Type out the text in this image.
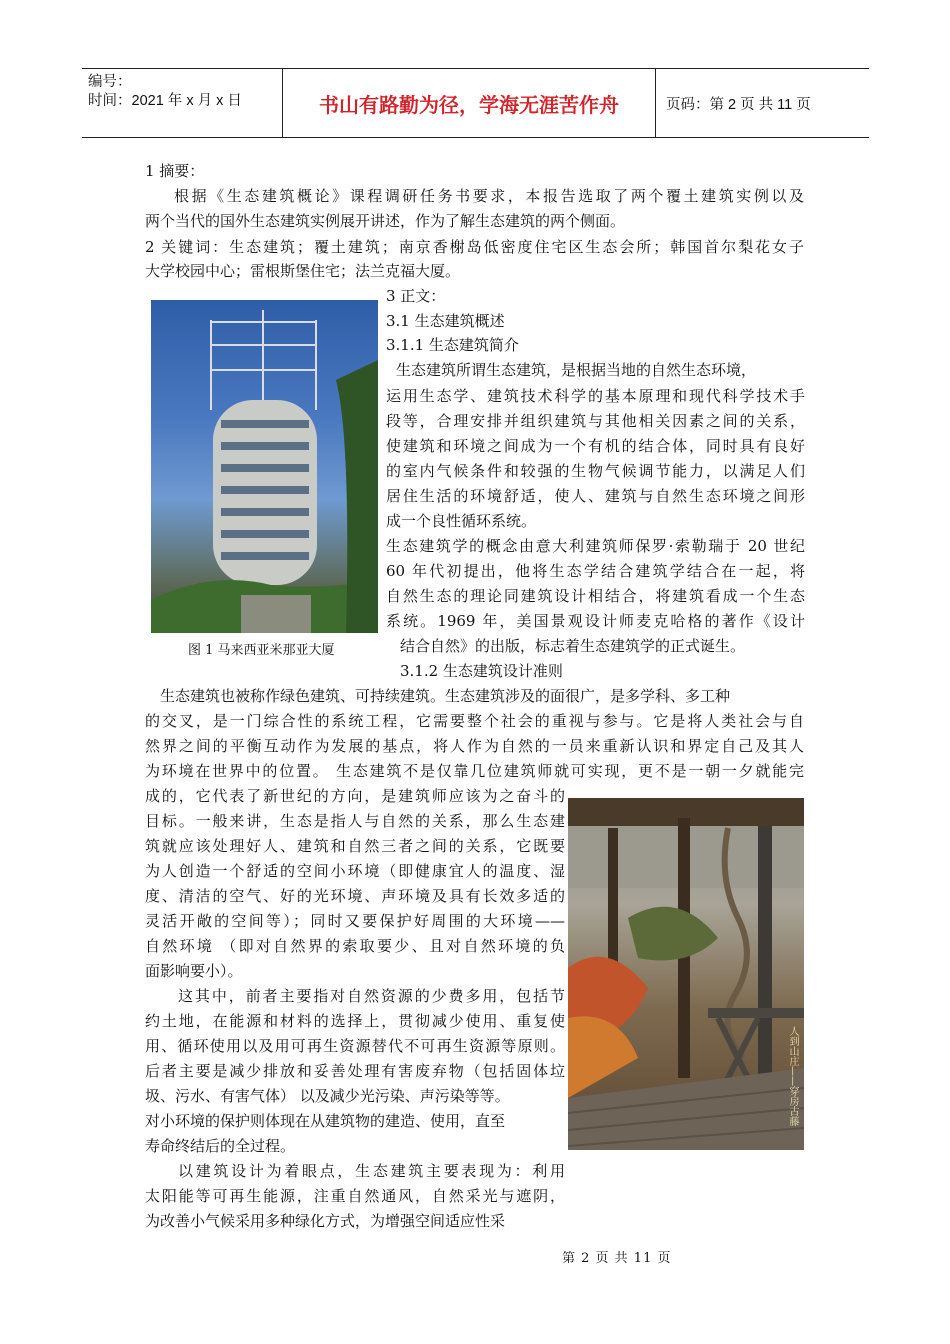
编号：
时间：2021 年 x 月 x 日	书山有路勤为径，学海无涯苦作舟	页码：第 2 页 共 11 页
1 摘要：
根据《生态建筑概论》课程调研任务书要求，本报告选取了两个覆土建筑实例以及
两个当代的国外生态建筑实例展开讲述，作为了解生态建筑的两个侧面。
2 关键词：生态建筑；覆土建筑；南京香榭岛低密度住宅区生态会所；韩国首尔梨花女子
大学校园中心；雷根斯堡住宅；法兰克福大厦。
图 1 马来西亚米那亚大厦
3 正文：
3.1 生态建筑概述
3.1.1 生态建筑简介
生态建筑所谓生态建筑，是根据当地的自然生态环境，
运用生态学、建筑技术科学的基本原理和现代科学技术手
段等，合理安排并组织建筑与其他相关因素之间的关系，
使建筑和环境之间成为一个有机的结合体，同时具有良好
的室内气候条件和较强的生物气候调节能力，以满足人们
居住生活的环境舒适，使人、建筑与自然生态环境之间形
成一个良性循环系统。
生态建筑学的概念由意大利建筑师保罗·索勒瑞于 20 世纪
60 年代初提出，他将生态学结合建筑学结合在一起，将
自然生态的理论同建筑设计相结合，将建筑看成一个生态
系统。1969 年，美国景观设计师麦克哈格的著作《设计
结合自然》的出版，标志着生态建筑学的正式诞生。
3.1.2 生态建筑设计准则
生态建筑也被称作绿色建筑、可持续建筑。生态建筑涉及的面很广，是多学科、多工种
的交叉，是一门综合性的系统工程，它需要整个社会的重视与参与。它是将人类社会与自
然界之间的平衡互动作为发展的基点，将人作为自然的一员来重新认识和界定自己及其人
为环境在世界中的位置。 生态建筑不是仅靠几位建筑师就可实现，更不是一朝一夕就能完
成的，它代表了新世纪的方向，是建筑师应该为之奋斗的
目标。一般来讲，生态是指人与自然的关系，那么生态建
筑就应该处理好人、建筑和自然三者之间的关系，它既要
为人创造一个舒适的空间小环境（即健康宜人的温度、湿
度、清洁的空气、好的光环境、声环境及具有长效多适的
灵活开敞的空间等）；同时又要保护好周围的大环境——
自然环境 （即对自然界的索取要少、且对自然环境的负
面影响要小）。
这其中，前者主要指对自然资源的少费多用，包括节
约土地，在能源和材料的选择上，贯彻减少使用、重复使
用、循环使用以及用可再生资源替代不可再生资源等原则。
后者主要是减少排放和妥善处理有害废弃物（包括固体垃
圾、污水、有害气体） 以及减少光污染、声污染等等。
对小环境的保护则体现在从建筑物的建造、使用，直至
寿命终结后的全过程。
以建筑设计为着眼点，生态建筑主要表现为：利用
太阳能等可再生能源，注重自然通风，自然采光与遮阴，
为改善小气候采用多种绿化方式，为增强空间适应性采
人到山庄——穿房古藤
第 2 页 共 11 页
